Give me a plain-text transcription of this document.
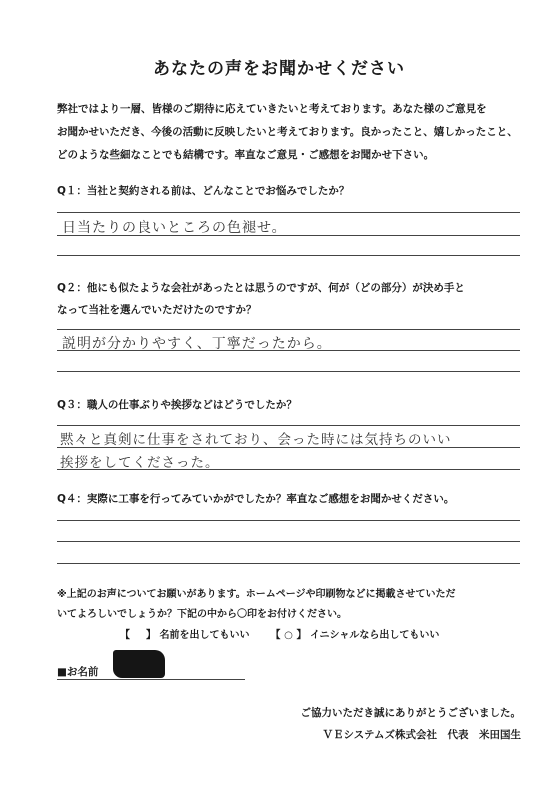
あなたの声をお聞かせください
弊社ではより一層、皆様のご期待に応えていきたいと考えております。あなた様のご意見を
お聞かせいただき、今後の活動に反映したいと考えております。良かったこと、嬉しかったこと、
どのような些細なことでも結構です。率直なご意見・ご感想をお聞かせ下さい。
Q１：当社と契約される前は、どんなことでお悩みでしたか？
日当たりの良いところの色褪せ。
Q２：他にも似たような会社があったとは思うのですが、何が（どの部分）が決め手と
なって当社を選んでいただけたのですか？
説明が分かりやすく、丁寧だったから。
Q３：職人の仕事ぶりや挨拶などはどうでしたか？
黙々と真剣に仕事をされており、会った時には気持ちのいい
挨拶をしてくださった。
Q４：実際に工事を行ってみていかがでしたか？率直なご感想をお聞かせください。
※上記のお声についてお願いがあります。ホームページや印刷物などに掲載させていただ
いてよろしいでしょうか？下記の中から〇印をお付けください。
【 】 名前を出してもいい 【 ○ 】 イニシャルなら出してもいい
■お名前
ご協力いただき誠にありがとうございました。
ＶＥシステムズ株式会社　代表　米田国生
